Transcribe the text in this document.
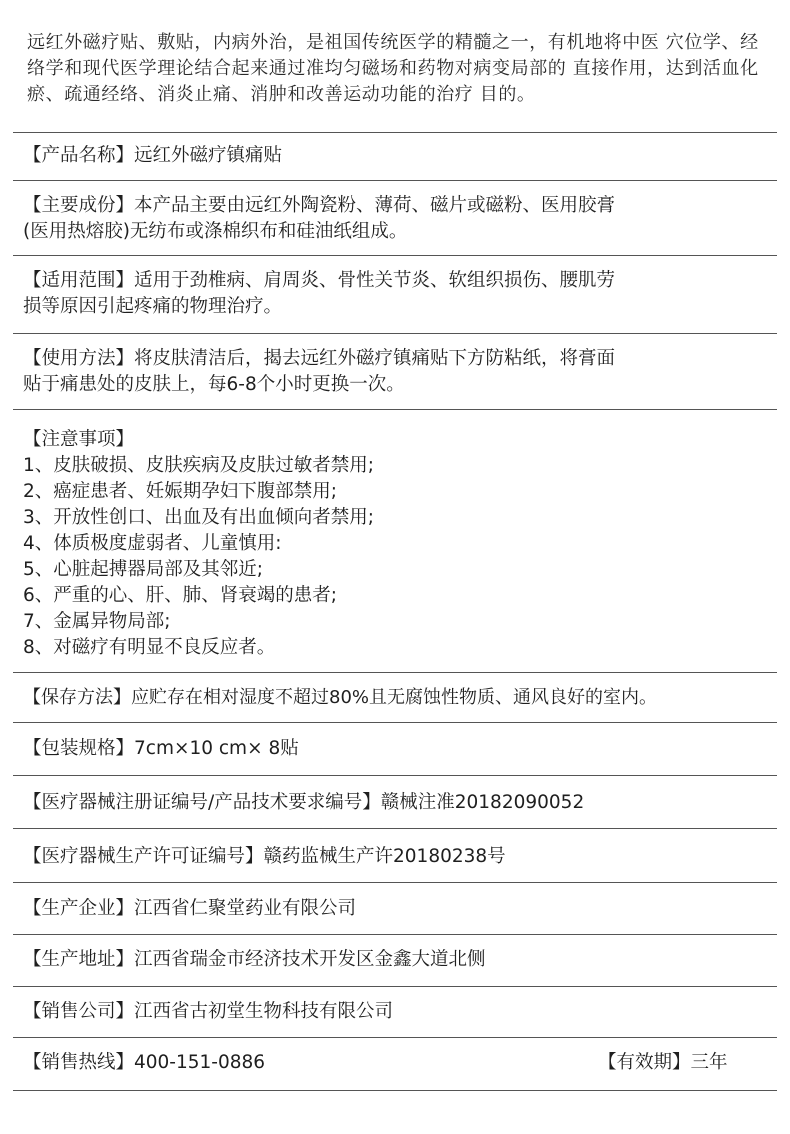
远红外磁疗贴、敷贴，内病外治，是祖国传统医学的精髓之一，有机地将中医 穴位学、经络学和现代医学理论结合起来通过准均匀磁场和药物对病变局部的 直接作用，达到活血化瘀、疏通经络、消炎止痛、消肿和改善运动功能的治疗 目的。
【产品名称】远红外磁疗镇痛贴
【主要成份】本产品主要由远红外陶瓷粉、薄荷、磁片或磁粉、医用胶膏
(医用热熔胶)无纺布或涤棉织布和硅油纸组成。
【适用范围】适用于劲椎病、肩周炎、骨性关节炎、软组织损伤、腰肌劳
损等原因引起疼痛的物理治疗。
【使用方法】将皮肤清洁后，揭去远红外磁疗镇痛贴下方防粘纸，将膏面
贴于痛患处的皮肤上，每6-8个小时更换一次。
【注意事项】
1、皮肤破损、皮肤疾病及皮肤过敏者禁用;
2、癌症患者、妊娠期孕妇下腹部禁用;
3、开放性创口、出血及有出血倾向者禁用;
4、体质极度虚弱者、儿童慎用:
5、心脏起搏器局部及其邻近;
6、严重的心、肝、肺、肾衰竭的患者;
7、金属异物局部;
8、对磁疗有明显不良反应者。
【保存方法】应贮存在相对湿度不超过80%且无腐蚀性物质、通风良好的室内。
【包装规格】7cm×10 cm× 8贴
【医疗器械注册证编号/产品技术要求编号】赣械注准20182090052
【医疗器械生产许可证编号】赣药监械生产许20180238号
【生产企业】江西省仁聚堂药业有限公司
【生产地址】江西省瑞金市经济技术开发区金鑫大道北侧
【销售公司】江西省古初堂生物科技有限公司
【销售热线】400-151-0886	【有效期】三年
